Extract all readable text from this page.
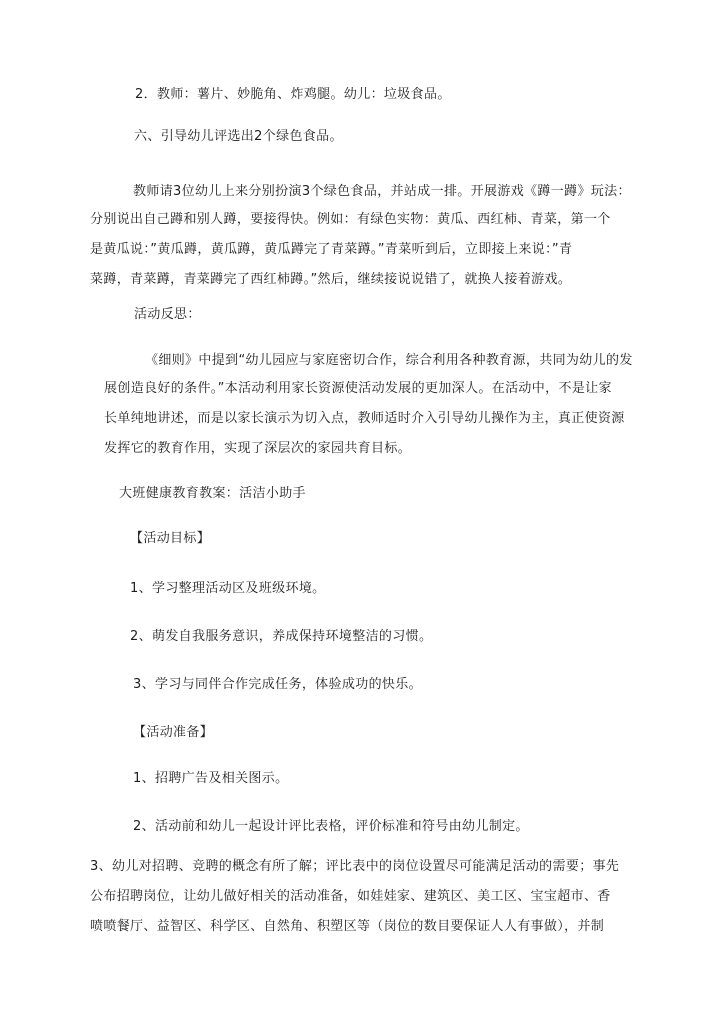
2．教师：薯片、妙脆角、炸鸡腿。幼儿：垃圾食品。
六、引导幼儿评选出2个绿色食品。
教师请3位幼儿上来分别扮演3个绿色食品，并站成一排。开展游戏《蹲一蹲》玩法：
分别说出自己蹲和别人蹲，要接得快。例如：有绿色实物：黄瓜、西红柿、青菜，第一个
是黄瓜说：”黄瓜蹲，黄瓜蹲，黄瓜蹲完了青菜蹲。”青菜听到后，立即接上来说：”青
菜蹲，青菜蹲，青菜蹲完了西红柿蹲。”然后，继续接说说错了，就换人接着游戏。
活动反思：
《细则》中提到“幼儿园应与家庭密切合作，综合利用各种教育源，共同为幼儿的发
展创造良好的条件。”本活动利用家长资源使活动发展的更加深人。在活动中，不是让家
长单纯地讲述，而是以家长演示为切入点，教师适时介入引导幼儿操作为主，真正使资源
发挥它的教育作用，实现了深层次的家园共育目标。
大班健康教育教案：活洁小助手
【活动目标】
1、学习整理活动区及班级环境。
2、萌发自我服务意识，养成保持环境整洁的习惯。
3、学习与同伴合作完成任务，体验成功的快乐。
【活动准备】
1、招聘广告及相关图示。
2、活动前和幼儿一起设计评比表格，评价标准和符号由幼儿制定。
3、幼儿对招聘、竞聘的概念有所了解；评比表中的岗位设置尽可能满足活动的需要；事先
公布招聘岗位，让幼儿做好相关的活动准备，如娃娃家、建筑区、美工区、宝宝超市、香
喷喷餐厅、益智区、科学区、自然角、积塑区等（岗位的数目要保证人人有事做），并制
